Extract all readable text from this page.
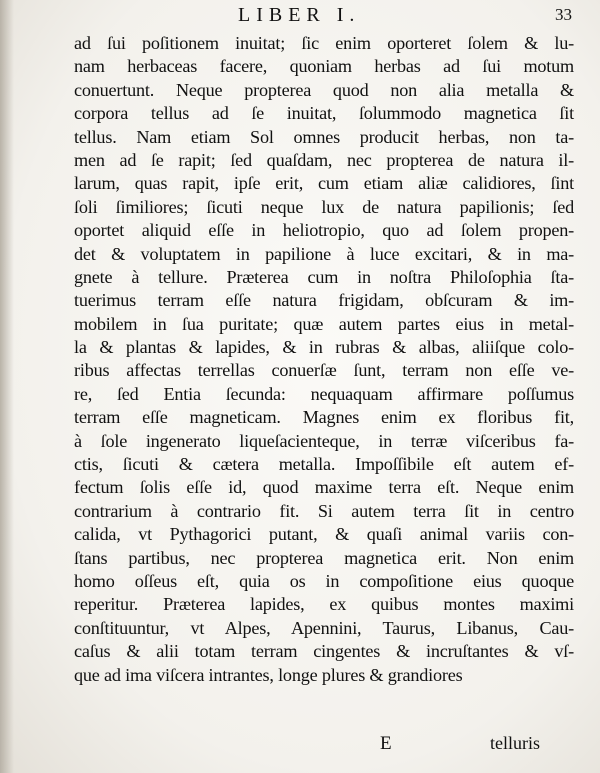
LIBER I.	33
ad ſui poſitionem inuitat; ſic enim oporteret ſolem & lu-
nam herbaceas facere, quoniam herbas ad ſui motum
conuertunt. Neque propterea quod non alia metalla &
corpora tellus ad ſe inuitat, ſolummodo magnetica ſit
tellus. Nam etiam Sol omnes producit herbas, non ta-
men ad ſe rapit; ſed quaſdam, nec propterea de natura il-
larum, quas rapit, ipſe erit, cum etiam aliæ calidiores, ſint
ſoli ſimiliores; ſicuti neque lux de natura papilionis; ſed
oportet aliquid eſſe in heliotropio, quo ad ſolem propen-
det & voluptatem in papilione à luce excitari, & in ma-
gnete à tellure. Præterea cum in noſtra Philoſophia ſta-
tuerimus terram eſſe natura frigidam, obſcuram & im-
mobilem in ſua puritate; quæ autem partes eius in metal-
la & plantas & lapides, & in rubras & albas, aliiſque colo-
ribus affectas terrellas conuerſæ ſunt, terram non eſſe ve-
re, ſed Entia ſecunda: nequaquam affirmare poſſumus
terram eſſe magneticam. Magnes enim ex floribus fit,
à ſole ingenerato liqueſacienteque, in terræ viſceribus fa-
ctis, ſicuti & cætera metalla. Impoſſibile eſt autem ef-
fectum ſolis eſſe id, quod maxime terra eſt. Neque enim
contrarium à contrario fit. Si autem terra ſit in centro
calida, vt Pythagorici putant, & quaſi animal variis con-
ſtans partibus, nec propterea magnetica erit. Non enim
homo oſſeus eſt, quia os in compoſitione eius quoque
reperitur. Præterea lapides, ex quibus montes maximi
conſtituuntur, vt Alpes, Apennini, Taurus, Libanus, Cau-
caſus & alii totam terram cingentes & incruſtantes & vſ-
que ad ima viſcera intrantes, longe plures & grandiores
E	telluris
